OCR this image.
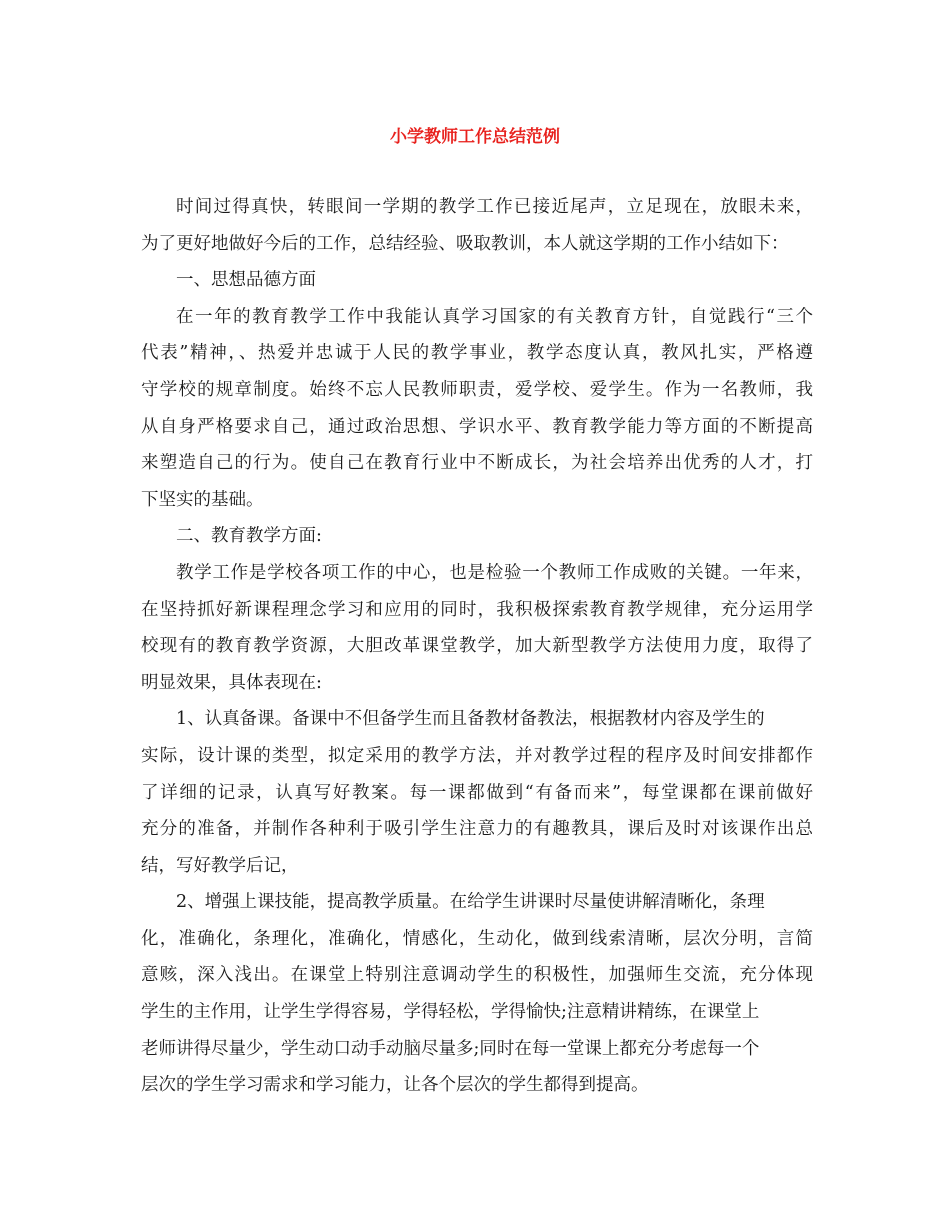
小学教师工作总结范例
时间过得真快，转眼间一学期的教学工作已接近尾声，立足现在，放眼未来，
为了更好地做好今后的工作，总结经验、吸取教训，本人就这学期的工作小结如下：
一、思想品德方面
在一年的教育教学工作中我能认真学习国家的有关教育方针，自觉践行“三个
代表”精神，、热爱并忠诚于人民的教学事业，教学态度认真，教风扎实，严格遵
守学校的规章制度。始终不忘人民教师职责，爱学校、爱学生。作为一名教师，我
从自身严格要求自己，通过政治思想、学识水平、教育教学能力等方面的不断提高
来塑造自己的行为。使自己在教育行业中不断成长，为社会培养出优秀的人才，打
下坚实的基础。
二、教育教学方面:
教学工作是学校各项工作的中心，也是检验一个教师工作成败的关键。一年来，
在坚持抓好新课程理念学习和应用的同时，我积极探索教育教学规律，充分运用学
校现有的教育教学资源，大胆改革课堂教学，加大新型教学方法使用力度，取得了
明显效果，具体表现在:
1、认真备课。备课中不但备学生而且备教材备教法，根据教材内容及学生的
实际，设计课的类型，拟定采用的教学方法，并对教学过程的程序及时间安排都作
了详细的记录，认真写好教案。每一课都做到“有备而来”，每堂课都在课前做好
充分的准备，并制作各种利于吸引学生注意力的有趣教具，课后及时对该课作出总
结，写好教学后记，
2、增强上课技能，提高教学质量。在给学生讲课时尽量使讲解清晰化，条理
化，准确化，条理化，准确化，情感化，生动化，做到线索清晰，层次分明，言简
意赅，深入浅出。在课堂上特别注意调动学生的积极性，加强师生交流，充分体现
学生的主作用，让学生学得容易，学得轻松，学得愉快;注意精讲精练，在课堂上
老师讲得尽量少，学生动口动手动脑尽量多;同时在每一堂课上都充分考虑每一个
层次的学生学习需求和学习能力，让各个层次的学生都得到提高。
